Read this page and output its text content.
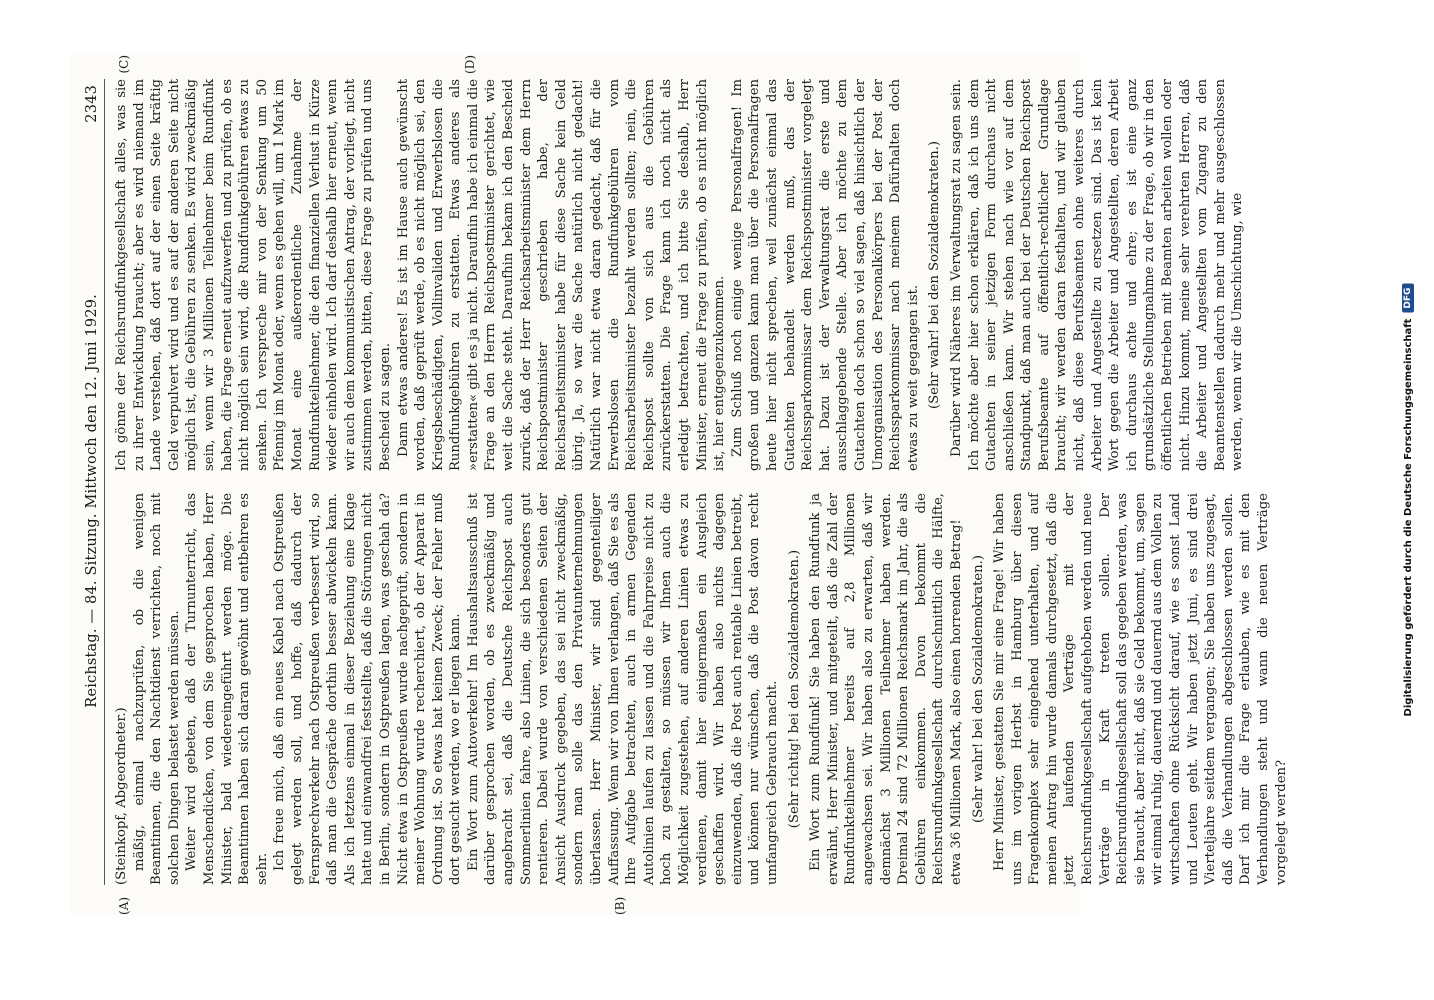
Reichstag. — 84. Sitzung. Mittwoch den 12. Juni 1929.
2343
(A)	(B)

(Steinkopf, Abgeordneter.) mäßig, einmal nachzuprüfen, ob die wenigen Beamtinnen, die den Nachtdienst verrichten, noch mit solchen Dingen belastet werden müssen. Weiter wird gebeten, daß der Turnunterricht, das Menschendicken, von dem Sie gesprochen haben, Herr Minister, bald wiedereingeführt werden möge. Die Beamtinnen haben sich daran gewöhnt und entbehren es sehr. Ich freue mich, daß ein neues Kabel nach Ostpreußen gelegt werden soll, und hoffe, daß dadurch der Fernsprechverkehr nach Ostpreußen verbessert wird, so daß man die Gespräche dorthin besser abwickeln kann. Als ich letztens einmal in dieser Beziehung eine Klage hatte und einwandfrei feststellte, daß die Störungen nicht in Berlin, sondern in Ostpreußen lagen, was geschah da? Nicht etwa in Ostpreußen wurde nachgeprüft, sondern in meiner Wohnung wurde recherchiert, ob der Apparat in Ordnung ist. So etwas hat keinen Zweck; der Fehler muß dort gesucht werden, wo er liegen kann. Ein Wort zum Autoverkehr! Im Haushaltsausschuß ist darüber gesprochen worden, ob es zweckmäßig und angebracht sei, daß die Deutsche Reichspost auch Sommerlinien fahre, also Linien, die sich besonders gut rentieren. Dabei wurde von verschiedenen Seiten der Ansicht Ausdruck gegeben, das sei nicht zweckmäßig, sondern man solle das den Privatunternehmungen überlassen. Herr Minister, wir sind gegenteiliger Auffassung. Wenn wir von Ihnen verlangen, daß Sie es als Ihre Aufgabe betrachten, auch in armen Gegenden Autolinien laufen zu lassen und die Fahrpreise nicht zu hoch zu gestalten, so müssen wir Ihnen auch die Möglichkeit zugestehen, auf anderen Linien etwas zu verdienen, damit hier einigermaßen ein Ausgleich geschaffen wird. Wir haben also nichts dagegen einzuwenden, daß die Post auch rentable Linien betreibt, und können nur wünschen, daß die Post davon recht umfangreich Gebrauch macht. (Sehr richtig! bei den Sozialdemokraten.) Ein Wort zum Rundfunk! Sie haben den Rundfunk ja erwähnt, Herr Minister, und mitgeteilt, daß die Zahl der Rundfunkteilnehmer bereits auf 2,8 Millionen angewachsen sei. Wir haben also zu erwarten, daß wir demnächst 3 Millionen Teilnehmer haben werden. Dreimal 24 sind 72 Millionen Reichsmark im Jahr, die als Gebühren einkommen. Davon bekommt die Reichsrundfunkgesellschaft durchschnittlich die Hälfte, etwa 36 Millionen Mark, also einen horrenden Betrag! (Sehr wahr! bei den Sozialdemokraten.) Herr Minister, gestatten Sie mir eine Frage! Wir haben uns im vorigen Herbst in Hamburg über diesen Fragenkomplex sehr eingehend unterhalten, und auf meinen Antrag hin wurde damals durchgesetzt, daß die jetzt laufenden Verträge mit der Reichsrundfunkgesellschaft aufgehoben werden und neue Verträge in Kraft treten sollen. Der Reichsrundfunkgesellschaft soll das gegeben werden, was sie braucht, aber nicht, daß sie Geld bekommt, um, sagen wir einmal ruhig, dauernd und dauernd aus dem Vollen zu wirtschaften ohne Rücksicht darauf, wie es sonst Land und Leuten geht. Wir haben jetzt Juni, es sind drei Vierteljahre seitdem vergangen; Sie haben uns zugesagt, daß die Verhandlungen abgeschlossen werden sollen. Darf ich mir die Frage erlauben, wie es mit den Verhandlungen steht und wann die neuen Verträge vorgelegt werden?

(C)	(D)

Ich gönne der Reichsrundfunkgesellschaft alles, was sie zu ihrer Entwicklung braucht; aber es wird niemand im Lande verstehen, daß dort auf der einen Seite kräftig Geld verpulvert wird und es auf der anderen Seite nicht möglich ist, die Gebühren zu senken. Es wird zweckmäßig sein, wenn wir 3 Millionen Teilnehmer beim Rundfunk haben, die Frage erneut aufzuwerfen und zu prüfen, ob es nicht möglich sein wird, die Rundfunkgebühren etwas zu senken. Ich verspreche mir von der Senkung um 50 Pfennig im Monat oder, wenn es gehen will, um 1 Mark im Monat eine außerordentliche Zunahme der Rundfunkteilnehmer, die den finanziellen Verlust in Kürze wieder einholen wird. Ich darf deshalb hier erneut, wenn wir auch dem kommunistischen Antrag, der vorliegt, nicht zustimmen werden, bitten, diese Frage zu prüfen und uns Bescheid zu sagen. Dann etwas anderes! Es ist im Hause auch gewünscht worden, daß geprüft werde, ob es nicht möglich sei, den Kriegsbeschädigten, Vollinvaliden und Erwerbslosen die Rundfunkgebühren zu erstatten. Etwas anderes als »erstatten« gibt es ja nicht. Daraufhin habe ich einmal die Frage an den Herrn Reichspostminister gerichtet, wie weit die Sache steht. Daraufhin bekam ich den Bescheid zurück, daß der Herr Reichsarbeitsminister dem Herrn Reichspostminister geschrieben habe, der Reichsarbeitsminister habe für diese Sache kein Geld übrig. Ja, so war die Sache natürlich nicht gedacht! Natürlich war nicht etwa daran gedacht, daß für die Erwerbslosen die Rundfunkgebühren vom Reichsarbeitsminister bezahlt werden sollten; nein, die Reichspost sollte von sich aus die Gebühren zurückerstatten. Die Frage kann ich noch nicht als erledigt betrachten, und ich bitte Sie deshalb, Herr Minister, erneut die Frage zu prüfen, ob es nicht möglich ist, hier entgegenzukommen. Zum Schluß noch einige wenige Personalfragen! Im großen und ganzen kann man über die Personalfragen heute hier nicht sprechen, weil zunächst einmal das Gutachten behandelt werden muß, das der Reichssparkommissar dem Reichspostminister vorgelegt hat. Dazu ist der Verwaltungsrat die erste und ausschlaggebende Stelle. Aber ich möchte zu dem Gutachten doch schon so viel sagen, daß hinsichtlich der Umorganisation des Personalkörpers bei der Post der Reichssparkommissar nach meinem Dafürhalten doch etwas zu weit gegangen ist. (Sehr wahr! bei den Sozialdemokraten.) Darüber wird Näheres im Verwaltungsrat zu sagen sein. Ich möchte aber hier schon erklären, daß ich uns dem Gutachten in seiner jetzigen Form durchaus nicht anschließen kann. Wir stehen nach wie vor auf dem Standpunkt, daß man auch bei der Deutschen Reichspost Berufsbeamte auf öffentlich-rechtlicher Grundlage braucht; wir werden daran festhalten, und wir glauben nicht, daß diese Berufsbeamten ohne weiteres durch Arbeiter und Angestellte zu ersetzen sind. Das ist kein Wort gegen die Arbeiter und Angestellten, deren Arbeit ich durchaus achte und ehre; es ist eine ganz grundsätzliche Stellungnahme zu der Frage, ob wir in den öffentlichen Betrieben mit Beamten arbeiten wollen oder nicht. Hinzu kommt, meine sehr verehrten Herren, daß die Arbeiter und Angestellten vom Zugang zu den Beamtenstellen dadurch mehr und mehr ausgeschlossen werden, wenn wir die Umschichtung, wie	Digitalisierung gefördert durch die Deutsche Forschungsgemeinschaft
DFG
